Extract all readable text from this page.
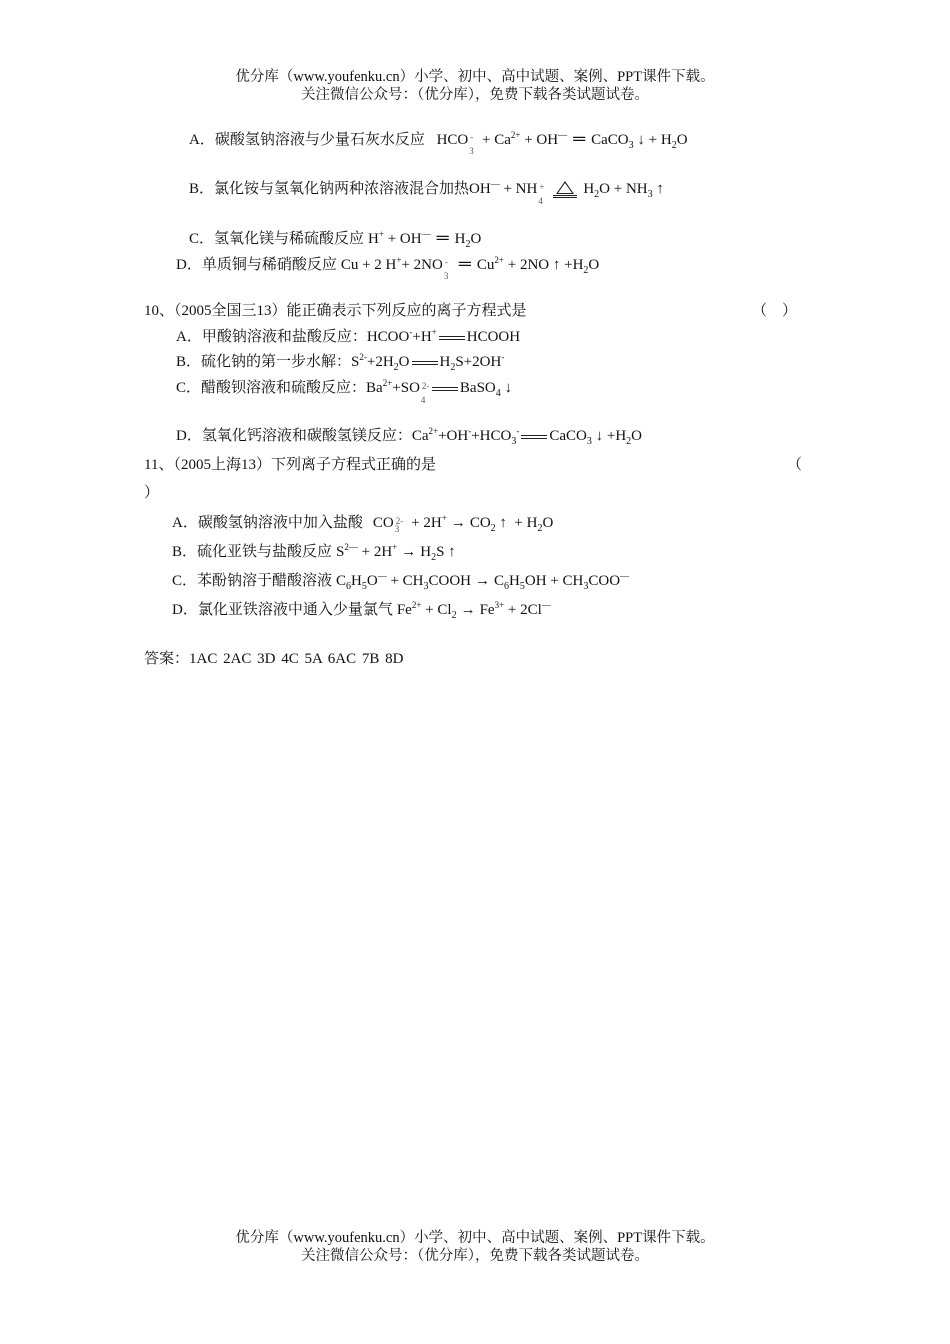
优分库（www.youfenku.cn）小学、初中、高中试题、案例、PPT课件下载。
关注微信公众号：（优分库），免费下载各类试题试卷。
A．碳酸氢钠溶液与少量石灰水反应 HCO -
3
+ $Ca^{2+} + OH^—$ ═ CaCO$_3$ ↓ + $H_2O$
B．氯化铵与氢氧化钠两种浓溶液混合加热OH— + NH +
4
$H_2O + NH_3$ ↑
C．氢氧化镁与稀硫酸反应 H+ + OH— ═ $H_2O$
D．单质铜与稀硝酸反应 Cu + 2 H++ 2NO -
3
═ $Cu^{2+} + 2NO$ ↑ $+H_2O$
10、（2005全国三13）能正确表示下列反应的离子方程式是	（　）
A．甲酸钠溶液和盐酸反应：HCOO-+H+ HCOOH
B．硫化钠的第一步水解：$S^{2-}+2H_2O$ $H_2S+2OH^-$
C．醋酸钡溶液和硫酸反应：$Ba^{2+}+SO$ 2-
4
BaSO$_4$ ↓
D．氢氧化钙溶液和碳酸氢镁反应：$Ca^{2+}+OH^-+HCO_3^-$ CaCO$_3$ ↓ $+H_2O$
11、（2005上海13）下列离子方程式正确的是	（
）
A．碳酸氢钠溶液中加入盐酸 CO 2-
$3 + 2H^+ \to CO_2$ ↑  + $H_2O$
B．硫化亚铁与盐酸反应 $S^{2—} + 2H^+ \to H_2S$ ↑
C．苯酚钠溶于醋酸溶液 $C_6H_5O^—$ + $CH_3COOH \to C_6H_5OH + CH_3COO^—$
D．氯化亚铁溶液中通入少量氯气 $Fe^{2+} + Cl_2 \to Fe^{3+} + 2Cl^—$
答案：1AC 2AC 3D 4C 5A 6AC 7B 8D
优分库（www.youfenku.cn）小学、初中、高中试题、案例、PPT课件下载。
关注微信公众号：（优分库），免费下载各类试题试卷。
